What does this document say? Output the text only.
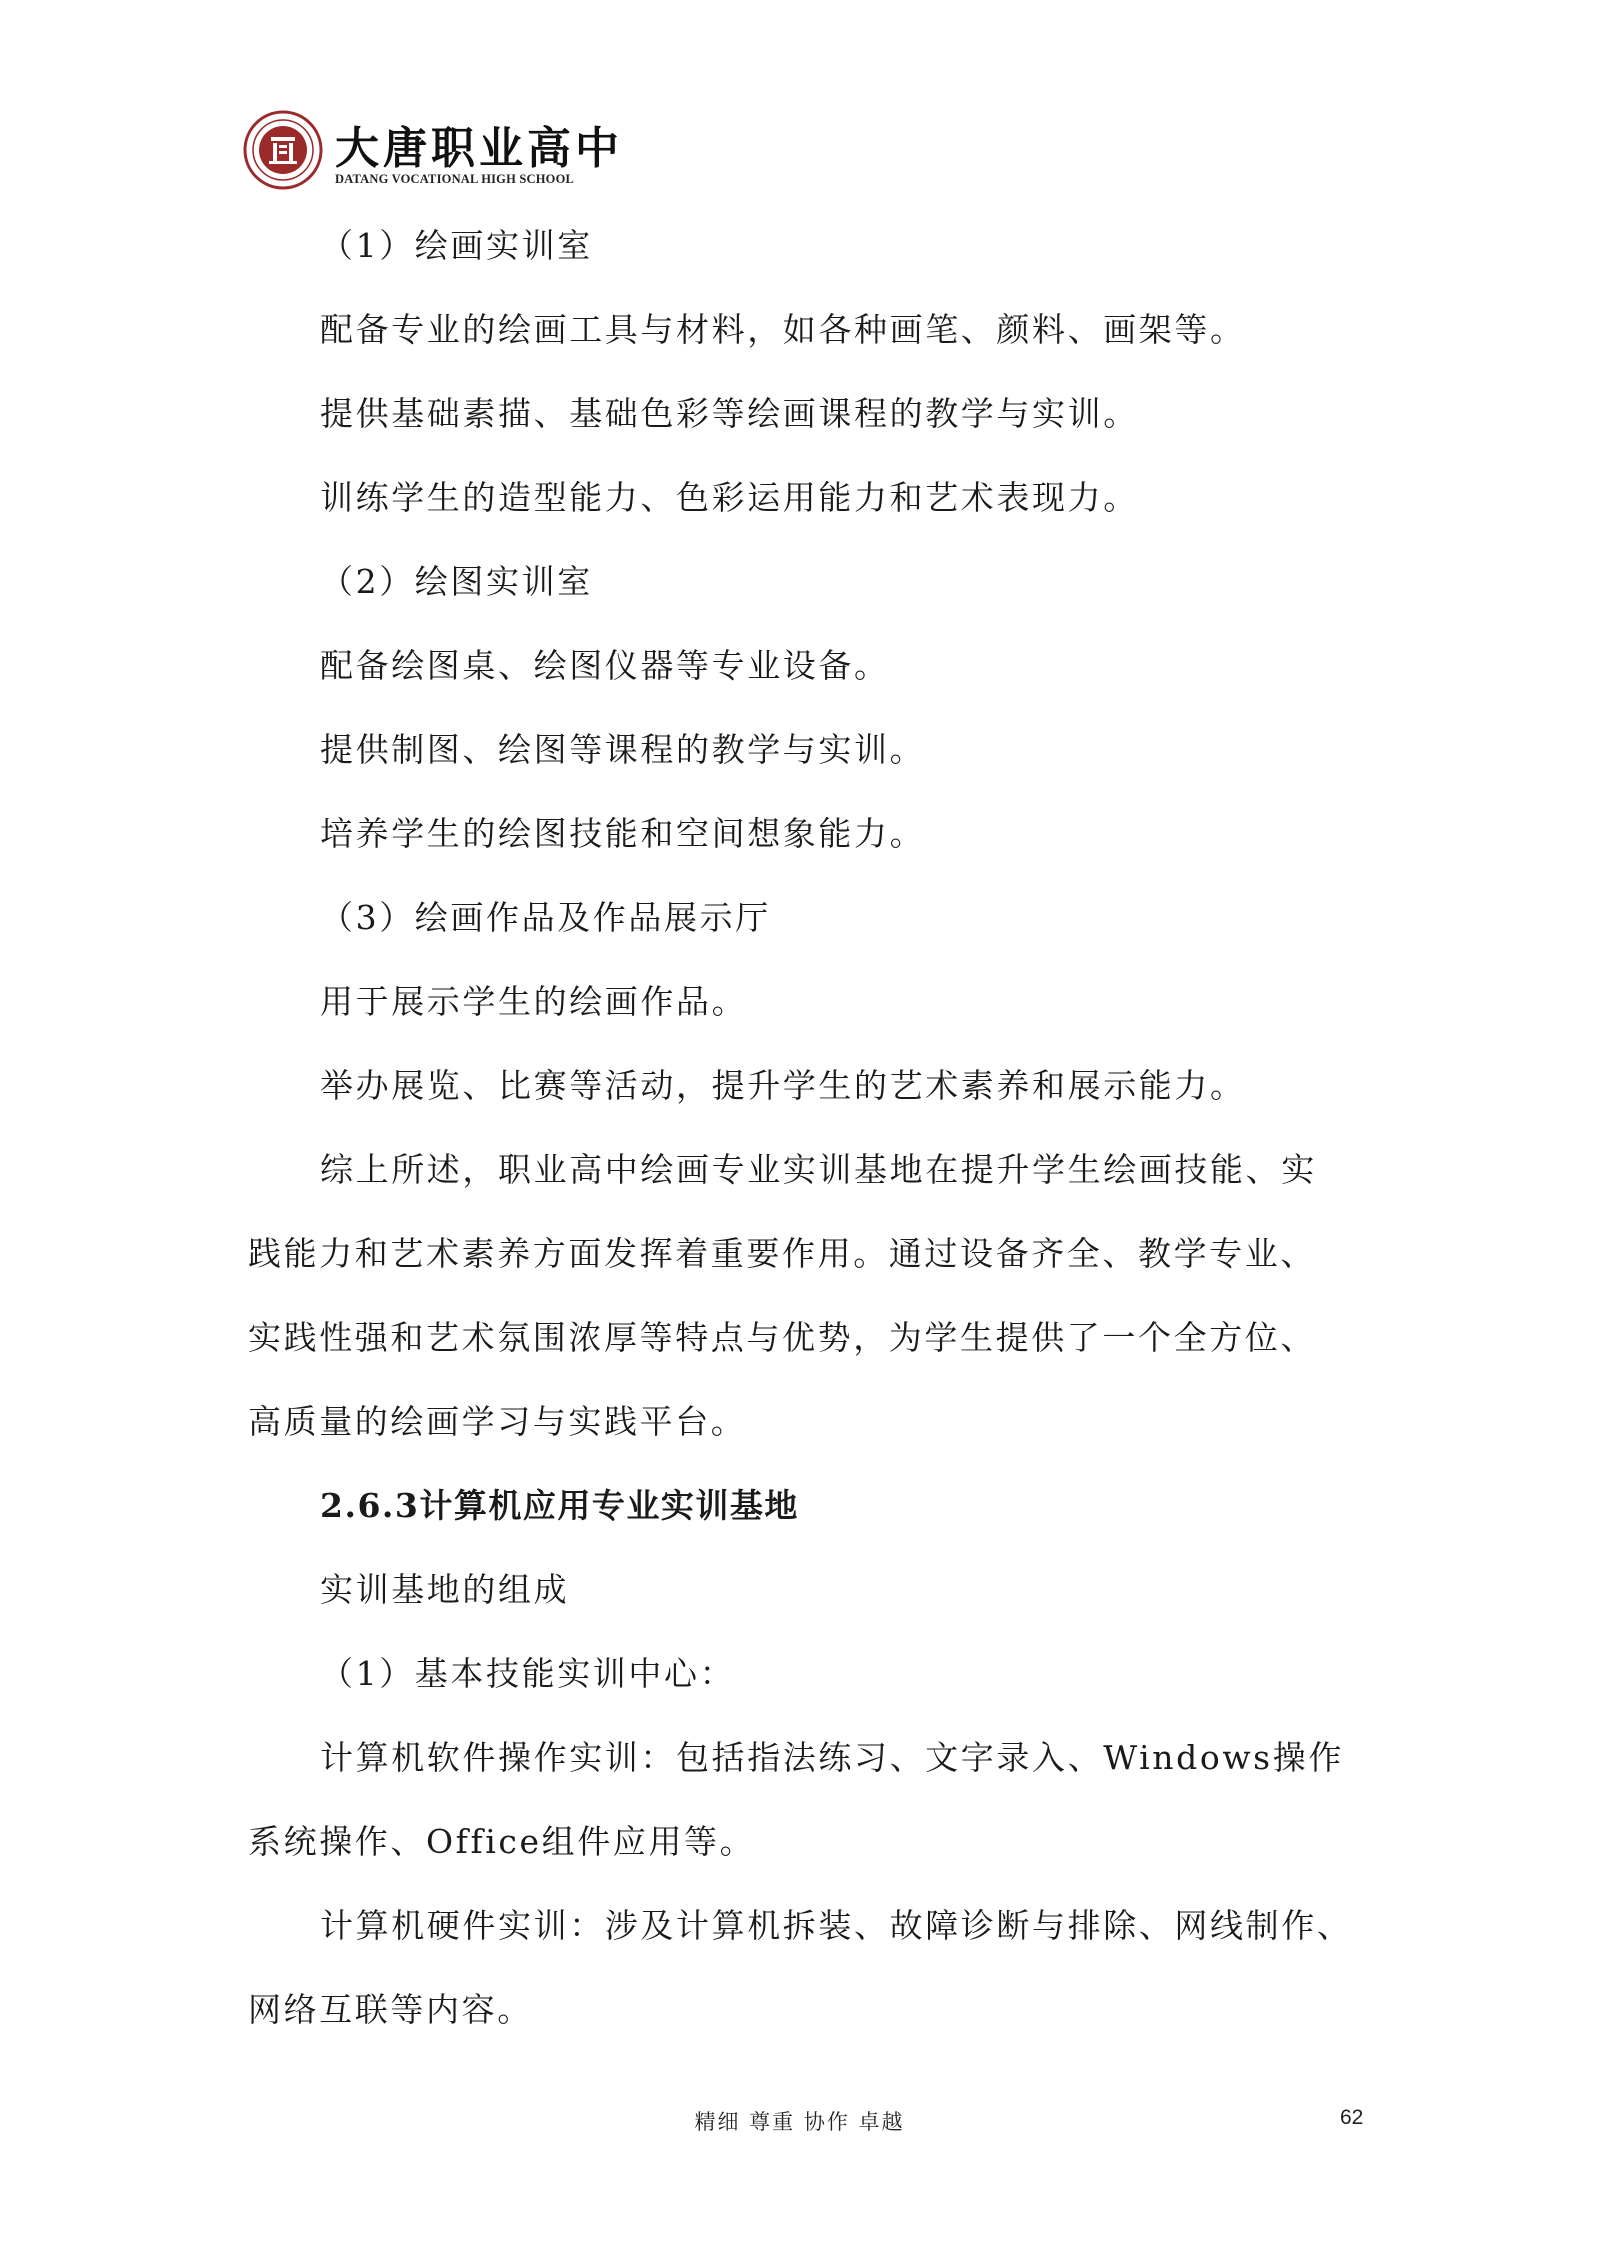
大唐职业高中
DATANG VOCATIONAL HIGH SCHOOL
（1）绘画实训室
配备专业的绘画工具与材料，如各种画笔、颜料、画架等。
提供基础素描、基础色彩等绘画课程的教学与实训。
训练学生的造型能力、色彩运用能力和艺术表现力。
（2）绘图实训室
配备绘图桌、绘图仪器等专业设备。
提供制图、绘图等课程的教学与实训。
培养学生的绘图技能和空间想象能力。
（3）绘画作品及作品展示厅
用于展示学生的绘画作品。
举办展览、比赛等活动，提升学生的艺术素养和展示能力。
综上所述，职业高中绘画专业实训基地在提升学生绘画技能、实
践能力和艺术素养方面发挥着重要作用。通过设备齐全、教学专业、
实践性强和艺术氛围浓厚等特点与优势，为学生提供了一个全方位、
高质量的绘画学习与实践平台。
2.6.3计算机应用专业实训基地
实训基地的组成
（1）基本技能实训中心：
计算机软件操作实训：包括指法练习、文字录入、Windows操作
系统操作、Office组件应用等。
计算机硬件实训：涉及计算机拆装、故障诊断与排除、网线制作、
网络互联等内容。
精细 尊重 协作 卓越	62
